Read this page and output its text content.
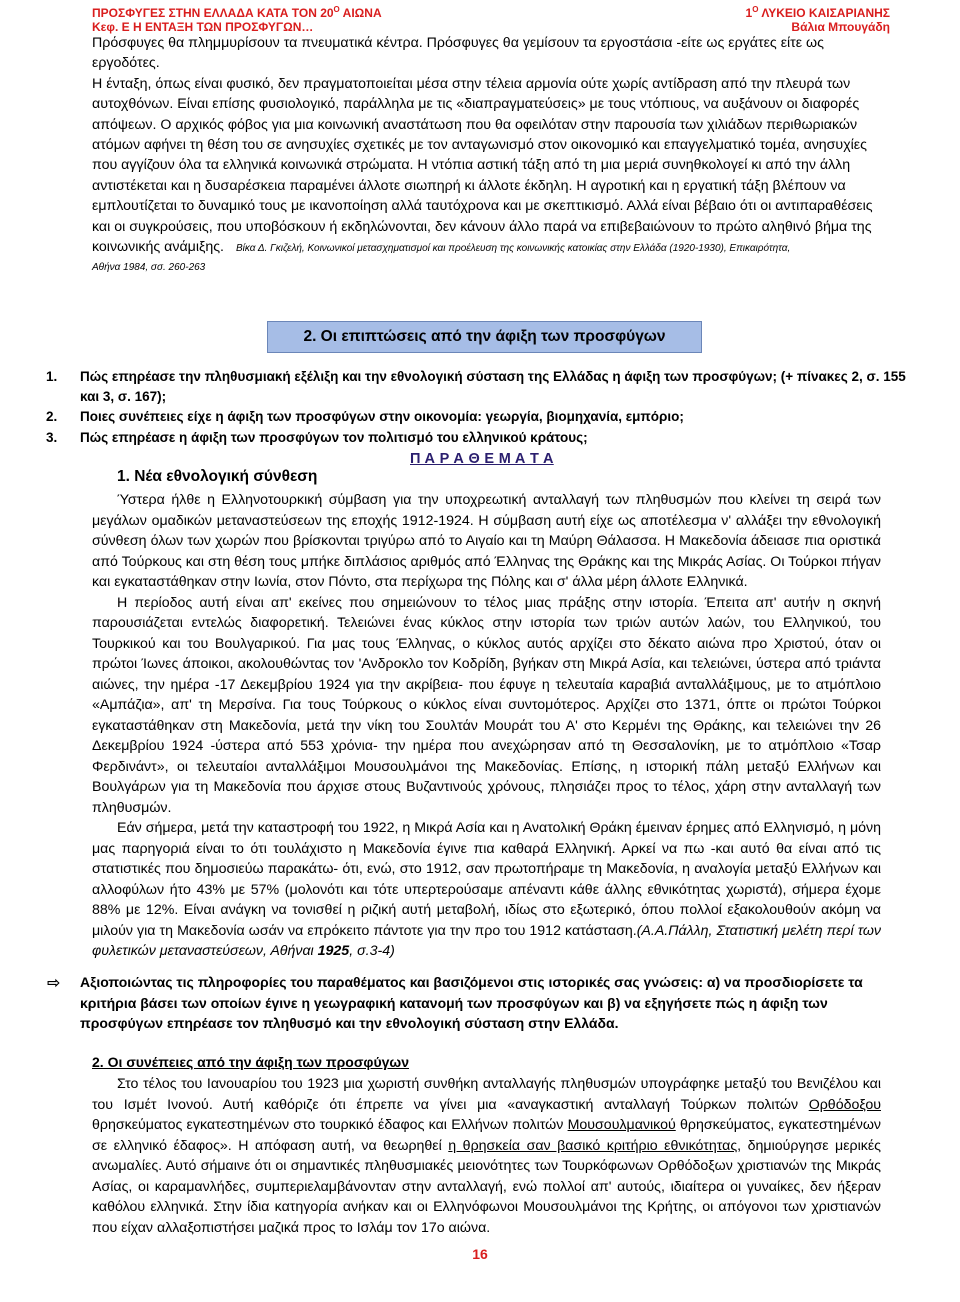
ΠΡΟΣΦΥΓΕΣ ΣΤΗΝ ΕΛΛΑΔΑ ΚΑΤΑ ΤΟΝ $20^O$ ΑΙΩΝΑ
Κεφ. Ε Η ΕΝΤΑΞΗ ΤΩΝ ΠΡΟΣΦΥΓΩΝ…
$1^O$ ΛΥΚΕΙΟ ΚΑΙΣΑΡΙΑΝΗΣ
Βάλια Μπουγάδη
Πρόσφυγες θα πλημμυρίσουν τα πνευματικά κέντρα. Πρόσφυγες θα γεμίσουν τα εργοστάσια -είτε ως εργάτες είτε ως εργοδότες.
Η ένταξη, όπως είναι φυσικό, δεν πραγματοποιείται μέσα στην τέλεια αρμονία ούτε χωρίς αντίδραση από την πλευρά των αυτοχθόνων. Είναι επίσης φυσιολογικό, παράλληλα με τις «διαπραγματεύσεις» με τους ντόπιους, να αυξάνουν οι διαφορές απόψεων. Ο αρχικός φόβος για μια κοινωνική αναστάτωση που θα οφειλόταν στην παρουσία των χιλιάδων περιθωριακών ατόμων αφήνει τη θέση του σε ανησυχίες σχετικές με τον ανταγωνισμό στον οικονομικό και επαγγελματικό τομέα, ανησυχίες που αγγίζουν όλα τα ελληνικά κοινωνικά στρώματα. Η ντόπια αστική τάξη από τη μια μεριά συνηθκολογεί κι από την άλλη αντιστέκεται και η δυσαρέσκεια παραμένει άλλοτε σιωπηρή κι άλλοτε έκδηλη. Η αγροτική και η εργατική τάξη βλέπουν να εμπλουτίζεται το δυναμικό τους με ικανοποίηση αλλά ταυτόχρονα και με σκεπτικισμό. Αλλά είναι βέβαιο ότι οι αντιπαραθέσεις και οι συγκρούσεις, που υποβόσκουν ή εκδηλώνονται, δεν κάνουν άλλο παρά να επιβεβαιώνουν το πρώτο αληθινό βήμα της κοινωνικής ανάμιξης. Βίκα Δ. Γκιζελή, Κοινωνικοί μετασχηματισμοί και προέλευση της κοινωνικής κατοικίας στην Ελλάδα (1920-1930), Επικαιρότητα,
Αθήνα 1984, σσ. 260-263
2. Οι επιπτώσεις από την άφιξη των προσφύγων
1.	Πώς επηρέασε την πληθυσμιακή εξέλιξη και την εθνολογική σύσταση της Ελλάδας η άφιξη των προσφύγων; (+ πίνακες 2, σ. 155 και 3, σ. 167);
2.	Ποιες συνέπειες είχε η άφιξη των προσφύγων στην οικονομία: γεωργία, βιομηχανία, εμπόριο;
3.	Πώς επηρέασε η άφιξη των προσφύγων τον πολιτισμό του ελληνικού κράτους;
Π Α Ρ Α Θ Ε Μ Α Τ Α
1. Νέα εθνολογική σύνθεση

Ύστερα ήλθε η Ελληνοτουρκική σύμβαση για την υποχρεωτική ανταλλαγή των πληθυσμών που κλείνει τη σειρά των μεγάλων ομαδικών μεταναστεύσεων της εποχής 1912-1924. Η σύμβαση αυτή είχε ως αποτέλεσμα ν' αλλάξει την εθνολογική σύνθεση όλων των χωρών που βρίσκονται τριγύρω από το Αιγαίο και τη Μαύρη Θάλασσα. Η Μακεδονία άδειασε πια οριστικά από Τούρκους και στη θέση τους μπήκε διπλάσιος αριθμός από Έλληνας της Θράκης και της Μικράς Ασίας. Οι Τούρκοι πήγαν και εγκαταστάθηκαν στην Ιωνία, στον Πόντο, στα περίχωρα της Πόλης και σ' άλλα μέρη άλλοτε Ελληνικά.

Η περίοδος αυτή είναι απ' εκείνες που σημειώνουν το τέλος μιας πράξης στην ιστορία. Έπειτα απ' αυτήν η σκηνή παρουσιάζεται εντελώς διαφορετική. Τελειώνει ένας κύκλος στην ιστορία των τριών αυτών λαών, του Ελληνικού, του Τουρκικού και του Βουλγαρικού. Για μας τους Έλληνας, ο κύκλος αυτός αρχίζει στο δέκατο αιώνα προ Χριστού, όταν οι πρώτοι Ίωνες άποικοι, ακολουθώντας τον 'Ανδροκλο τον Κοδρίδη, βγήκαν στη Μικρά Ασία, και τελειώνει, ύστερα από τριάντα αιώνες, την ημέρα -17 Δεκεμβρίου 1924 για την ακρίβεια- που έφυγε η τελευταία καραβιά ανταλλάξιμους, με το ατμόπλοιο «Αμπάζια», απ' τη Μερσίνα. Για τους Τούρκους ο κύκλος είναι συντομότερος. Αρχίζει στο 1371, όπτε οι πρώτοι Τούρκοι εγκαταστάθηκαν στη Μακεδονία, μετά την νίκη του Σουλτάν Μουράτ του Α' στο Κερμένι της Θράκης, και τελειώνει την 26 Δεκεμβρίου 1924 -ύστερα από 553 χρόνια- την ημέρα που ανεχώρησαν από τη Θεσσαλονίκη, με το ατμόπλοιο «Τσαρ Φερδινάντ», οι τελευταίοι ανταλλάξιμοι Μουσουλμάνοι της Μακεδονίας. Επίσης, η ιστορική πάλη μεταξύ Ελλήνων και Βουλγάρων για τη Μακεδονία που άρχισε στους Βυζαντινούς χρόνους, πλησιάζει προς το τέλος, χάρη στην ανταλλαγή των πληθυσμών.

Εάν σήμερα, μετά την καταστροφή του 1922, η Μικρά Ασία και η Ανατολική Θράκη έμειναν έρημες από Ελληνισμό, η μόνη μας παρηγοριά είναι το ότι τουλάχιστο η Μακεδονία έγινε πια καθαρά Ελληνική. Αρκεί να πω -και αυτό θα είναι από τις στατιστικές που δημοσιεύω παρακάτω- ότι, ενώ, στο 1912, σαν πρωτοπήραμε τη Μακεδονία, η αναλογία μεταξύ Ελλήνων και αλλοφύλων ήτο 43% με 57% (μολονότι και τότε υπερτερούσαμε απέναντι κάθε άλλης εθνικότητας χωριστά), σήμερα έχομε 88% με 12%. Είναι ανάγκη να τονισθεί η ριζική αυτή μεταβολή, ιδίως στο εξωτερικό, όπου πολλοί εξακολουθούν ακόμη να μιλούν για τη Μακεδονία ωσάν να επρόκειτο πάντοτε για την προ του 1912 κατάσταση.(Α.Α.Πάλλη, Στατιστική μελέτη περί των φυλετικών μεταναστεύσεων, Αθήναι 1925, σ.3-4)

⇨ Αξιοποιώντας τις πληροφορίες του παραθέματος και βασιζόμενοι στις ιστορικές σας γνώσεις: α) να προσδιορίσετε τα κριτήρια βάσει των οποίων έγινε η γεωγραφική κατανομή των προσφύγων και β) να εξηγήσετε πώς η άφιξη των προσφύγων επηρέασε τον πληθυσμό και την εθνολογική σύσταση στην Ελλάδα.
2. Οι συνέπειες από την άφιξη των προσφύγων

Στο τέλος του Ιανουαρίου του 1923 μια χωριστή συνθήκη ανταλλαγής πληθυσμών υπογράφηκε μεταξύ του Βενιζέλου και του Ισμέτ Ινονού. Αυτή καθόριζε ότι έπρεπε να γίνει μια «αναγκαστική ανταλλαγή Τούρκων πολιτών Ορθόδοξου θρησκεύματος εγκατεστημένων στο τουρκικό έδαφος και Ελλήνων πολιτών Μουσουλμανικού θρησκεύματος, εγκατεστημένων σε ελληνικό έδαφος». Η απόφαση αυτή, να θεωρηθεί η θρησκεία σαν βασικό κριτήριο εθνικότητας, δημιούργησε μερικές ανωμαλίες. Αυτό σήμαινε ότι οι σημαντικές πληθυσμιακές μειονότητες των Τουρκόφωνων Ορθόδοξων χριστιανών της Μικράς Ασίας, οι καραμανλήδες, συμπεριελαμβάνονταν στην ανταλλαγή, ενώ πολλοί απ' αυτούς, ιδιαίτερα οι γυναίκες, δεν ήξεραν καθόλου ελληνικά. Στην ίδια κατηγορία ανήκαν και οι Ελληνόφωνοι Μουσουλμάνοι της Κρήτης, οι απόγονοι των χριστιανών που είχαν αλλαξοπιστήσει μαζικά προς το Ισλάμ τον 17ο αιώνα.

16
